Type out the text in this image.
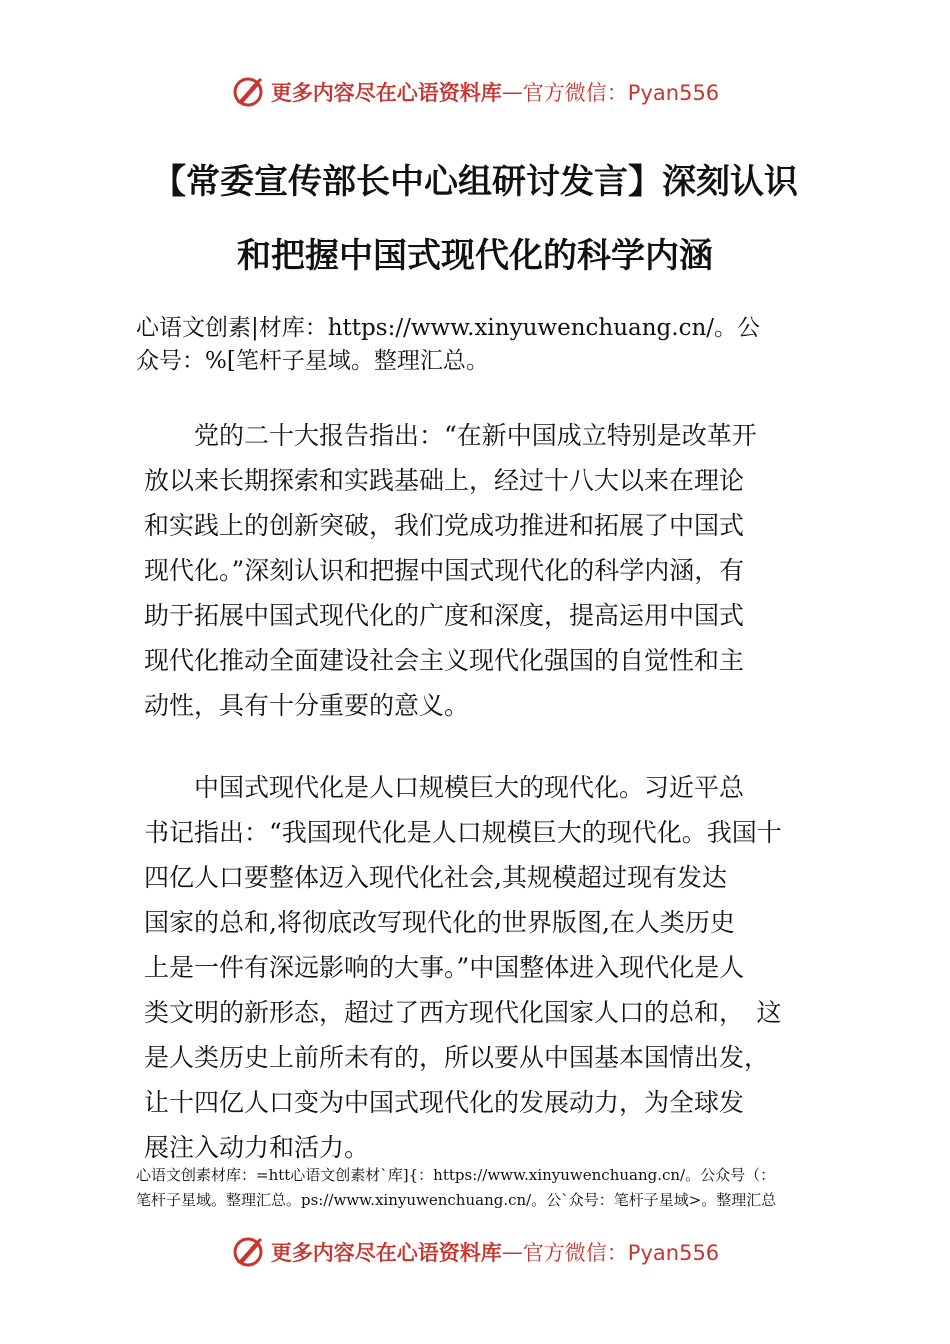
更多内容尽在心语资料库 — 官方微信：Pyan556
【常委宣传部长中心组研讨发言】深刻认识
和把握中国式现代化的科学内涵
心语文创素|材库：https://www.xinyuwenchuang.cn/。公
众号：%[笔杆子星域。整理汇总。
　　党的二十大报告指出：“在新中国成立特别是改革开
放以来长期探索和实践基础上，经过十八大以来在理论
和实践上的创新突破，我们党成功推进和拓展了中国式
现代化。”深刻认识和把握中国式现代化的科学内涵，有
助于拓展中国式现代化的广度和深度，提高运用中国式
现代化推动全面建设社会主义现代化强国的自觉性和主
动性，具有十分重要的意义。
　　中国式现代化是人口规模巨大的现代化。习近平总
书记指出：“我国现代化是人口规模巨大的现代化。我国十
四亿人口要整体迈入现代化社会,其规模超过现有发达
国家的总和,将彻底改写现代化的世界版图,在人类历史
上是一件有深远影响的大事。”中国整体进入现代化是人
类文明的新形态，超过了西方现代化国家人口的总和，　这
是人类历史上前所未有的，所以要从中国基本国情出发，
让十四亿人口变为中国式现代化的发展动力，为全球发
展注入动力和活力。
心语文创素材库：=htt心语文创素材`库]{：https://www.xinyuwenchuang.cn/。公众号（：
笔杆子星域。整理汇总。ps://www.xinyuwenchuang.cn/。公`众号：笔杆子星域>。整理汇总
更多内容尽在心语资料库 — 官方微信：Pyan556
